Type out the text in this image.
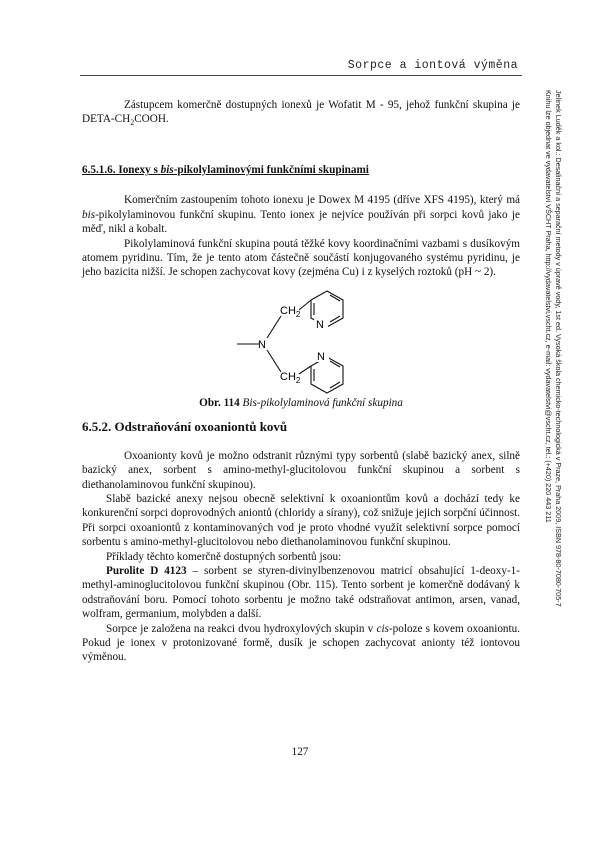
Sorpce a iontová výměna
Jelínek Luděk a kol.: Desalinační a separační metody v úpravě vody, 1st ed. Vysoká škola chemicko-technologická v Praze, Praha 2009, ISBN 978-80-7080-705-7
Knihu lze objednat ve vydavatelství VŠCHT Praha, http://vydavatelstvi.vscht.cz, e-mail: vydavatelstvi@vscht.cz, tel.: (+420) 220 443 211

Zástupcem komerčně dostupných ionexů je Wofatit M - 95, jehož funkční skupina je DETA-$CH_2COOH$.

6.5.1.6. Ionexy s bis-pikolylaminovými funkčními skupinami

Komerčním zastoupením tohoto ionexu je Dowex M 4195 (dříve XFS 4195), který má bis-pikolylaminovou funkční skupinu. Tento ionex je nejvíce používán při sorpci kovů jako je měď, nikl a kobalt.

Pikolylaminová funkční skupina poutá těžké kovy koordinačními vazbami s dusíkovým atomem pyridinu. Tím, že je tento atom částečně součástí konjugovaného systému pyridinu, je jeho bazicita nižší. Je schopen zachycovat kovy (zejména Cu) i z kyselých roztoků (pH ~ 2).

$CH_2$
N
N
N
$CH_2$
Obr. 114 Bis-pikolylaminová funkční skupina
6.5.2. Odstraňování oxoaniontů kovů

Oxoanionty kovů je možno odstranit různými typy sorbentů (slabě bazický anex, silně bazický anex, sorbent s amino-methyl-glucitolovou funkční skupinou a sorbent s diethanolaminovou funkční skupinou).

Slabě bazické anexy nejsou obecně selektivní k oxoaniontům kovů a dochází tedy ke konkurenční sorpci doprovodných aniontů (chloridy a sírany), což snižuje jejich sorpční účinnost. Při sorpci oxoaniontů z kontaminovaných vod je proto vhodné využít selektivní sorpce pomocí sorbentu s amino-methyl-glucitolovou nebo diethanolaminovou funkční skupinou.

Příklady těchto komerčně dostupných sorbentů jsou:

Purolite D 4123 – sorbent se styren-divinylbenzenovou matricí obsahující 1-deoxy-1-methyl-aminoglucitolovou funkční skupinou (Obr. 115). Tento sorbent je komerčně dodávaný k odstraňování boru. Pomocí tohoto sorbentu je možno také odstraňovat antimon, arsen, vanad, wolfram, germanium, molybden a další.

Sorpce je založena na reakci dvou hydroxylových skupin v cis-poloze s kovem oxoaniontu. Pokud je ionex v protonizované formě, dusík je schopen zachycovat anionty též iontovou výměnou.

127
